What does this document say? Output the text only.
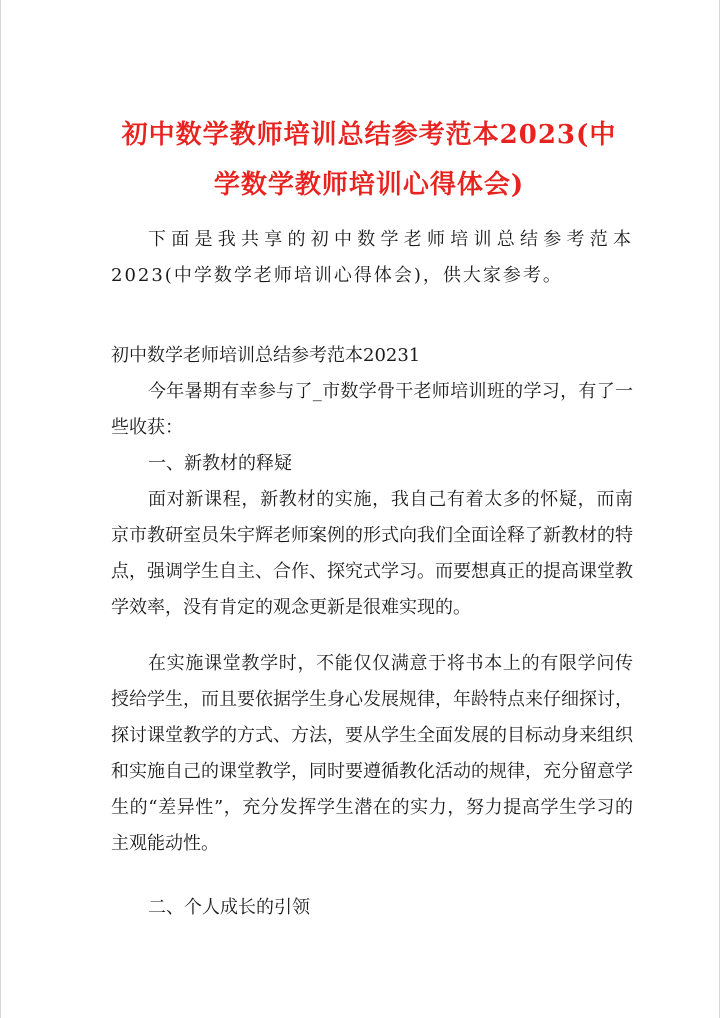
初中数学教师培训总结参考范本2023(中学数学教师培训心得体会)
下面是我共享的初中数学老师培训总结参考范本2023(中学数学老师培训心得体会)，供大家参考。
初中数学老师培训总结参考范本20231
今年暑期有幸参与了_市数学骨干老师培训班的学习，有了一些收获：
一、新教材的释疑
面对新课程，新教材的实施，我自己有着太多的怀疑，而南京市教研室员朱宇辉老师案例的形式向我们全面诠释了新教材的特点，强调学生自主、合作、探究式学习。而要想真正的提高课堂教学效率，没有肯定的观念更新是很难实现的。
在实施课堂教学时，不能仅仅满意于将书本上的有限学问传授给学生，而且要依据学生身心发展规律，年龄特点来仔细探讨，探讨课堂教学的方式、方法，要从学生全面发展的目标动身来组织和实施自己的课堂教学，同时要遵循教化活动的规律，充分留意学生的“差异性”，充分发挥学生潜在的实力，努力提高学生学习的主观能动性。
二、个人成长的引领
